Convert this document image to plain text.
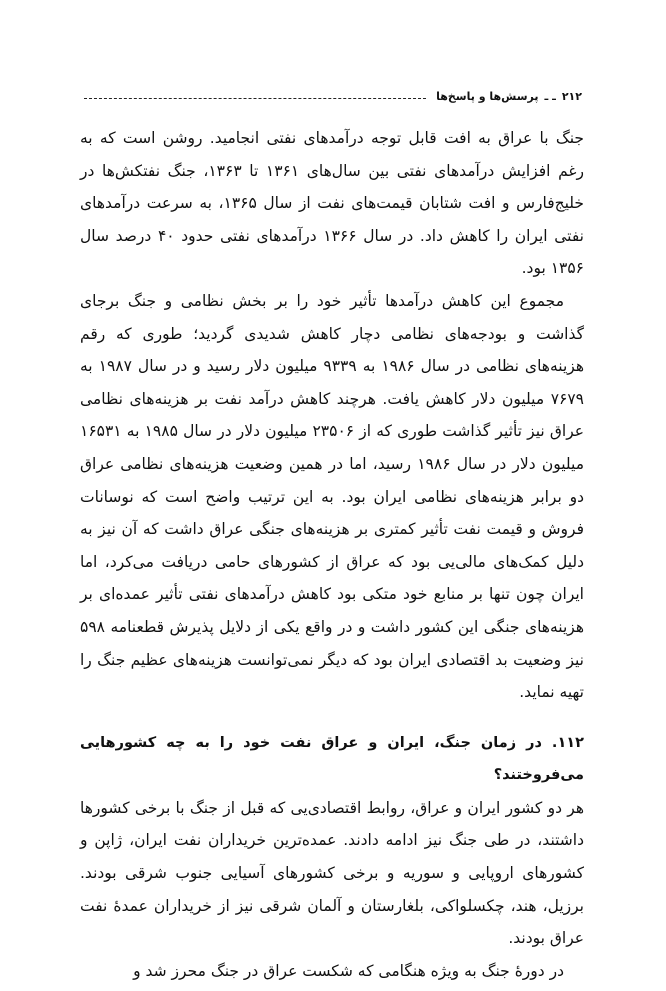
۲۱۲
ـ ـ
پرسش‌ها و پاسخ‌ها

جنگ با عراق به افت قابل توجه درآمدهای نفتی انجامید. روشن است که به رغم افزایش درآمدهای نفتی بین سال‌های ۱۳۶۱ تا ۱۳۶۳، جنگ نفتکش‌ها در خلیج‌فارس و افت شتابان قیمت‌های نفت از سال ۱۳۶۵، به سرعت درآمدهای نفتی ایران را کاهش داد. در سال ۱۳۶۶ درآمدهای نفتی حدود ۴۰ درصد سال ۱۳۵۶ بود.

مجموع این کاهش درآمدها تأثیر خود را بر بخش نظامی و جنگ برجای گذاشت و بودجه‌های نظامی دچار کاهش شدیدی گردید؛ طوری که رقم هزینه‌های نظامی در سال ۱۹۸۶ به ۹۳۳۹ میلیون دلار رسید و در سال ۱۹۸۷ به ۷۶۷۹ میلیون دلار کاهش یافت. هرچند کاهش درآمد نفت بر هزینه‌های نظامی عراق نیز تأثیر گذاشت طوری که از ۲۳۵۰۶ میلیون دلار در سال ۱۹۸۵ به ۱۶۵۳۱ میلیون دلار در سال ۱۹۸۶ رسید، اما در همین وضعیت هزینه‌های نظامی عراق دو برابر هزینه‌های نظامی ایران بود. به این ترتیب واضح است که نوسانات فروش و قیمت نفت تأثیر کمتری بر هزینه‌های جنگی عراق داشت که آن نیز به دلیل کمک‌های مالی‌یی بود که عراق از کشورهای حامی دریافت می‌کرد، اما ایران چون تنها بر منابع خود متکی بود کاهش درآمدهای نفتی تأثیر عمده‌ای بر هزینه‌های جنگی این کشور داشت و در واقع یکی از دلایل پذیرش قطعنامه ۵۹۸ نیز وضعیت بد اقتصادی ایران بود که دیگر نمی‌توانست هزینه‌های عظیم جنگ را تهیه نماید.

۱۱۲. در زمان جنگ، ایران و عراق نفت خود را به چه کشورهایی می‌فروختند؟

هر دو کشور ایران و عراق، روابط اقتصادی‌یی که قبل از جنگ با برخی کشورها داشتند، در طی جنگ نیز ادامه دادند. عمده‌ترین خریداران نفت ایران، ژاپن و کشورهای اروپایی و سوریه و برخی کشورهای آسیایی جنوب شرقی بودند. برزیل، هند، چکسلواکی، بلغارستان و آلمان شرقی نیز از خریداران عمدهٔ نفت عراق بودند.

در دورهٔ جنگ به ویژه هنگامی که شکست عراق در جنگ محرز شد و
